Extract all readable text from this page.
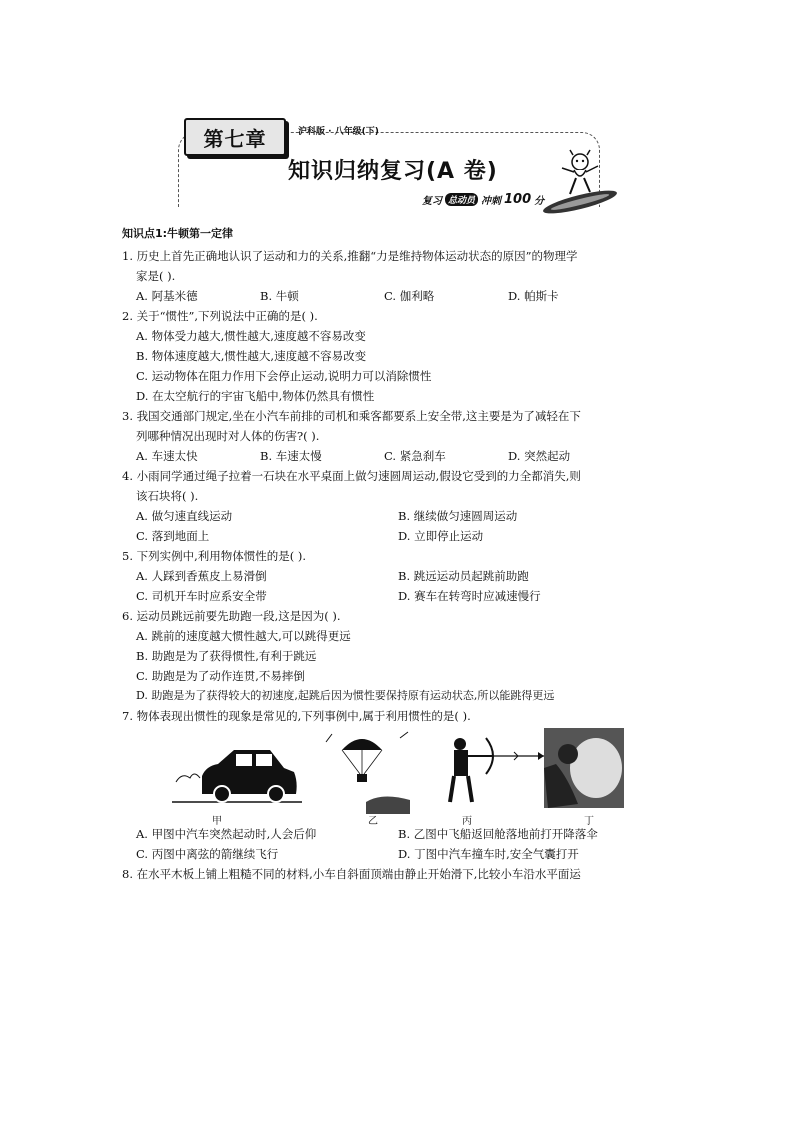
第七章	沪科版 · 八年级(下)
知识归纳复习(A 卷)
复习 总动员 冲刺 100 分
知识点1:牛顿第一定律
1. 历史上首先正确地认识了运动和力的关系,推翻“力是维持物体运动状态的原因”的物理学
家是( ).
A. 阿基米德	B. 牛顿	C. 伽利略	D. 帕斯卡
2. 关于“惯性”,下列说法中正确的是( ).
A. 物体受力越大,惯性越大,速度越不容易改变
B. 物体速度越大,惯性越大,速度越不容易改变
C. 运动物体在阻力作用下会停止运动,说明力可以消除惯性
D. 在太空航行的宇宙飞船中,物体仍然具有惯性
3. 我国交通部门规定,坐在小汽车前排的司机和乘客都要系上安全带,这主要是为了减轻在下
列哪种情况出现时对人体的伤害?( ).
A. 车速太快	B. 车速太慢	C. 紧急刹车	D. 突然起动
4. 小雨同学通过绳子拉着一石块在水平桌面上做匀速圆周运动,假设它受到的力全都消失,则
该石块将( ).
A. 做匀速直线运动	B. 继续做匀速圆周运动
C. 落到地面上	D. 立即停止运动
5. 下列实例中,利用物体惯性的是( ).
A. 人踩到香蕉皮上易滑倒	B. 跳远运动员起跳前助跑
C. 司机开车时应系安全带	D. 赛车在转弯时应减速慢行
6. 运动员跳远前要先助跑一段,这是因为( ).
A. 跳前的速度越大惯性越大,可以跳得更远
B. 助跑是为了获得惯性,有利于跳远
C. 助跑是为了动作连贯,不易摔倒
D. 助跑是为了获得较大的初速度,起跳后因为惯性要保持原有运动状态,所以能跳得更远
7. 物体表现出惯性的现象是常见的,下列事例中,属于利用惯性的是( ).
甲	乙	丙	丁
A. 甲图中汽车突然起动时,人会后仰	B. 乙图中飞船返回舱落地前打开降落伞
C. 丙图中离弦的箭继续飞行	D. 丁图中汽车撞车时,安全气囊打开
8. 在水平木板上铺上粗糙不同的材料,小车自斜面顶端由静止开始滑下,比较小车沿水平面运
